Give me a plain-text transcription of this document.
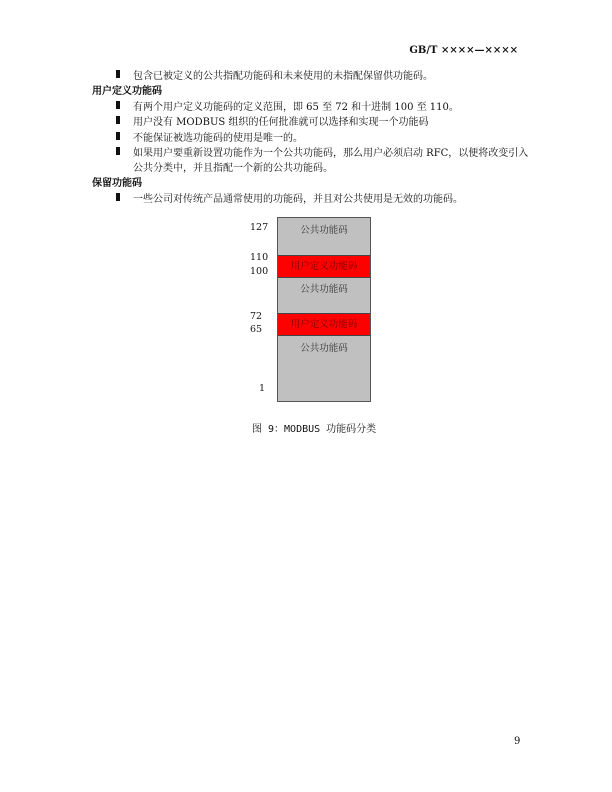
GB/T ××××—××××
包含已被定义的公共指配功能码和未来使用的未指配保留供功能码。
用户定义功能码
有两个用户定义功能码的定义范围，即 65 至 72 和十进制 100 至 110。
用户没有 MODBUS 组织的任何批准就可以选择和实现一个功能码
不能保证被选功能码的使用是唯一的。
如果用户要重新设置功能作为一个公共功能码，那么用户必须启动 RFC，以便将改变引入
公共分类中，并且指配一个新的公共功能码。
保留功能码
一些公司对传统产品通常使用的功能码，并且对公共使用是无效的功能码。
127
110
100
72
65
1
公共功能码
用户定义功能码
公共功能码
用户定义功能码
公共功能码
图 9：MODBUS 功能码分类
9
